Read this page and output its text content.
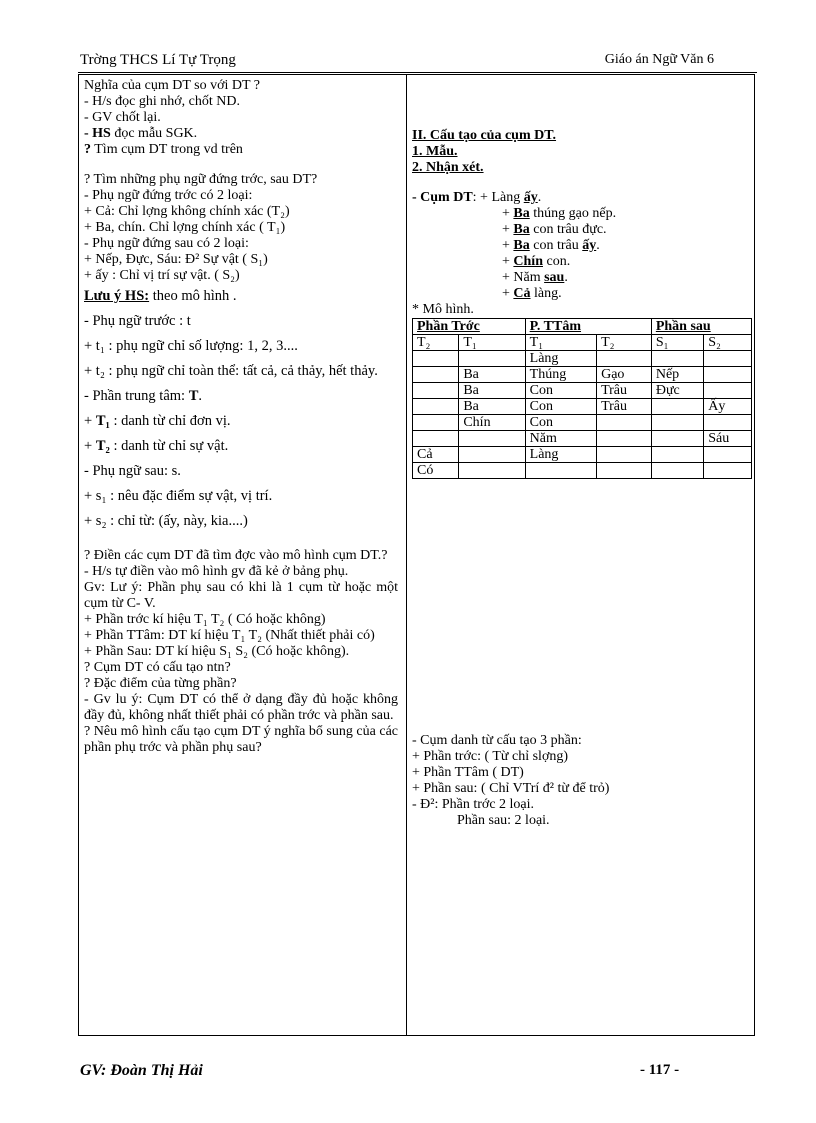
Trờng THCS Lí Tự Trọng	Giáo án Ngữ Văn 6

Nghĩa của cụm DT so với DT ?

- H/s đọc ghi nhớ, chốt ND.

- GV chốt lại.

- HS đọc mẫu SGK.

? Tìm cụm DT trong vd trên

? Tìm những phụ ngữ đứng trớc, sau DT?

- Phụ ngữ đứng trớc có 2 loại:

+ Cả: Chỉ lợng không chính xác (T₂)

+ Ba, chín. Chỉ lợng chính xác ( T₁)

- Phụ ngữ đứng sau có 2 loại:

+ Nếp, Đực, Sáu: Đ² Sự vật ( S₁)

+ ấy : Chỉ vị trí sự vật. ( S₂)

Lưu ý HS: theo mô hình .

- Phụ ngữ trước : t

+ t₁ : phụ ngữ chỉ số lượng: 1, 2, 3....

+ t₂ : phụ ngữ chỉ toàn thể: tất cả, cả thảy, hết thảy.

- Phần trung tâm: T.

+ T₁ : danh từ chỉ đơn vị.

+ T₂ : danh từ chỉ sự vật.

- Phụ ngữ sau: s.

+ s₁ : nêu đặc điểm sự vật, vị trí.

+ s₂ : chỉ từ: (ấy, này, kia....)

? Điền các cụm DT đã tìm đợc vào mô hình cụm DT.?

- H/s tự điền vào mô hình gv đã kẻ ở bảng phụ.

Gv: Lư ý: Phần phụ sau có khi là 1 cụm từ hoặc một cụm từ C- V.

+ Phần trớc kí hiệu T₁ T₂ ( Có hoặc không)

+ Phần TTâm: DT kí hiệu T₁ T₂ (Nhất thiết phải có)

+ Phần Sau: DT kí hiệu S₁ S₂ (Có hoặc không).

? Cụm DT có cấu tạo ntn?

? Đặc điểm của từng phần?

- Gv lu ý: Cụm DT có thể ở dạng đầy đủ hoặc không đầy đủ, không nhất thiết phải có phần trớc và phần sau.

? Nêu mô hình cấu tạo cụm DT ý nghĩa bổ sung của các phần phụ trớc và phần phụ sau?

II. Cấu tạo của cụm DT.

1. Mẫu.

2. Nhận xét.

- Cụm DT: + Làng ấy.

+ Ba thúng gạo nếp.

+ Ba con trâu đực.

+ Ba con trâu ấy.

+ Chín con.

+ Năm sau.

+ Cả làng.

* Mô hình.

Phần Trớc		P. TTâm		Phần sau	
T₂	T₁	T₁	T₂	S₁	S₂
		Làng			
	Ba	Thúng	Gạo	Nếp	
	Ba	Con	Trâu	Đực	
	Ba	Con	Trâu		Ấy
	Chín	Con			
		Năm			Sáu
Cả		Làng			
Có					

- Cụm danh từ cấu tạo 3 phần:

+ Phần trớc: ( Từ chỉ slợng)

+ Phần TTâm ( DT)

+ Phần sau: ( Chỉ VTrí đ² từ để trỏ)

- Đ²: Phần trớc 2 loại.

Phần sau: 2 loại.

GV: Đoàn Thị Hải	- 117 -
